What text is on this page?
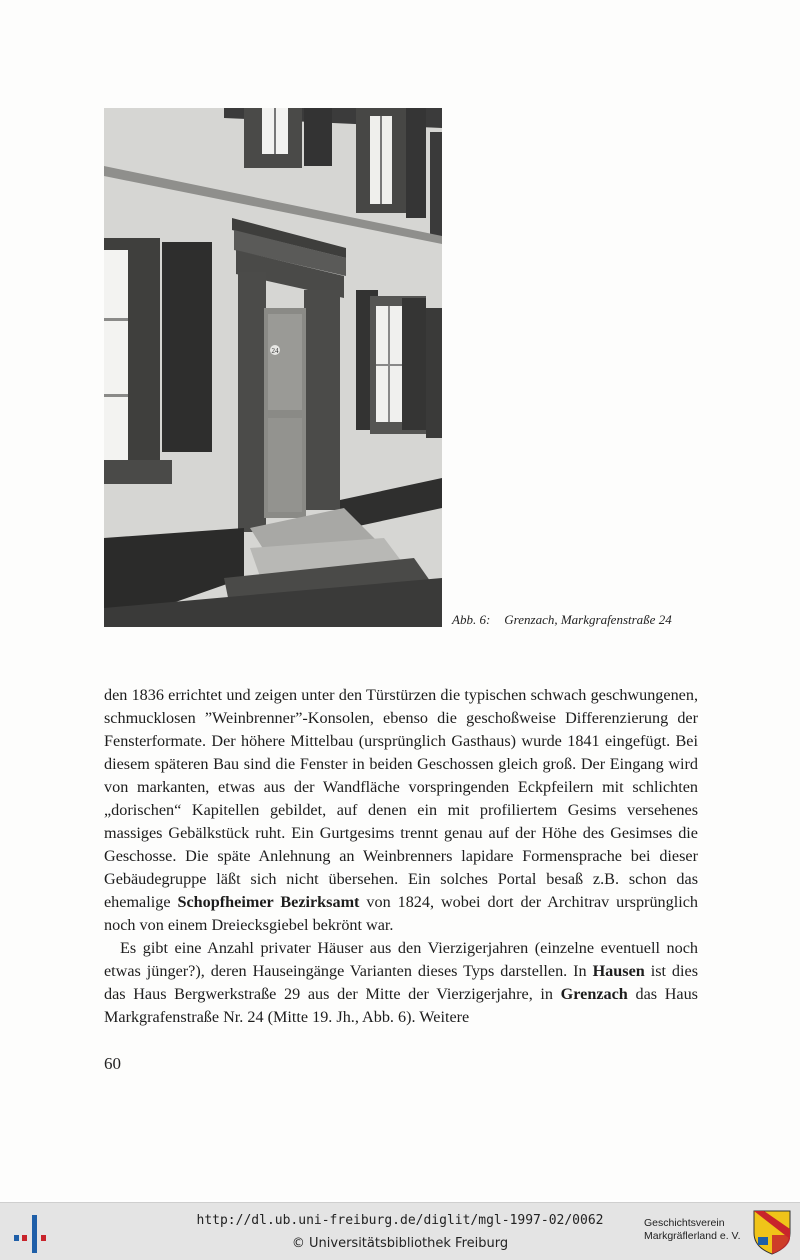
24
Abb. 6: Grenzach, Markgrafenstraße 24

den 1836 errichtet und zeigen unter den Türstürzen die typischen schwach geschwungenen, schmucklosen ”Weinbrenner”-Konsolen, ebenso die geschoßweise Differenzierung der Fensterformate. Der höhere Mittelbau (ursprünglich Gasthaus) wurde 1841 eingefügt. Bei diesem späteren Bau sind die Fenster in beiden Geschossen gleich groß. Der Eingang wird von markanten, etwas aus der Wandfläche vorspringenden Eckpfeilern mit schlichten „dorischen“ Kapitellen gebildet, auf denen ein mit profiliertem Gesims versehenes massiges Gebälkstück ruht. Ein Gurtgesims trennt genau auf der Höhe des Gesimses die Geschosse. Die späte Anlehnung an Weinbrenners lapidare Formensprache bei dieser Gebäudegruppe läßt sich nicht übersehen. Ein solches Portal besaß z.B. schon das ehemalige Schopfheimer Bezirksamt von 1824, wobei dort der Architrav ursprünglich noch von einem Dreiecksgiebel bekrönt war.

Es gibt eine Anzahl privater Häuser aus den Vierzigerjahren (einzelne eventuell noch etwas jünger?), deren Hauseingänge Varianten dieses Typs darstellen. In Hausen ist dies das Haus Bergwerkstraße 29 aus der Mitte der Vierzigerjahre, in Grenzach das Haus Markgrafenstraße Nr. 24 (Mitte 19. Jh., Abb. 6). Weitere

60
http://dl.ub.uni-freiburg.de/diglit/mgl-1997-02/0062
© Universitätsbibliothek Freiburg
Geschichtsverein
Markgräflerland e. V.
